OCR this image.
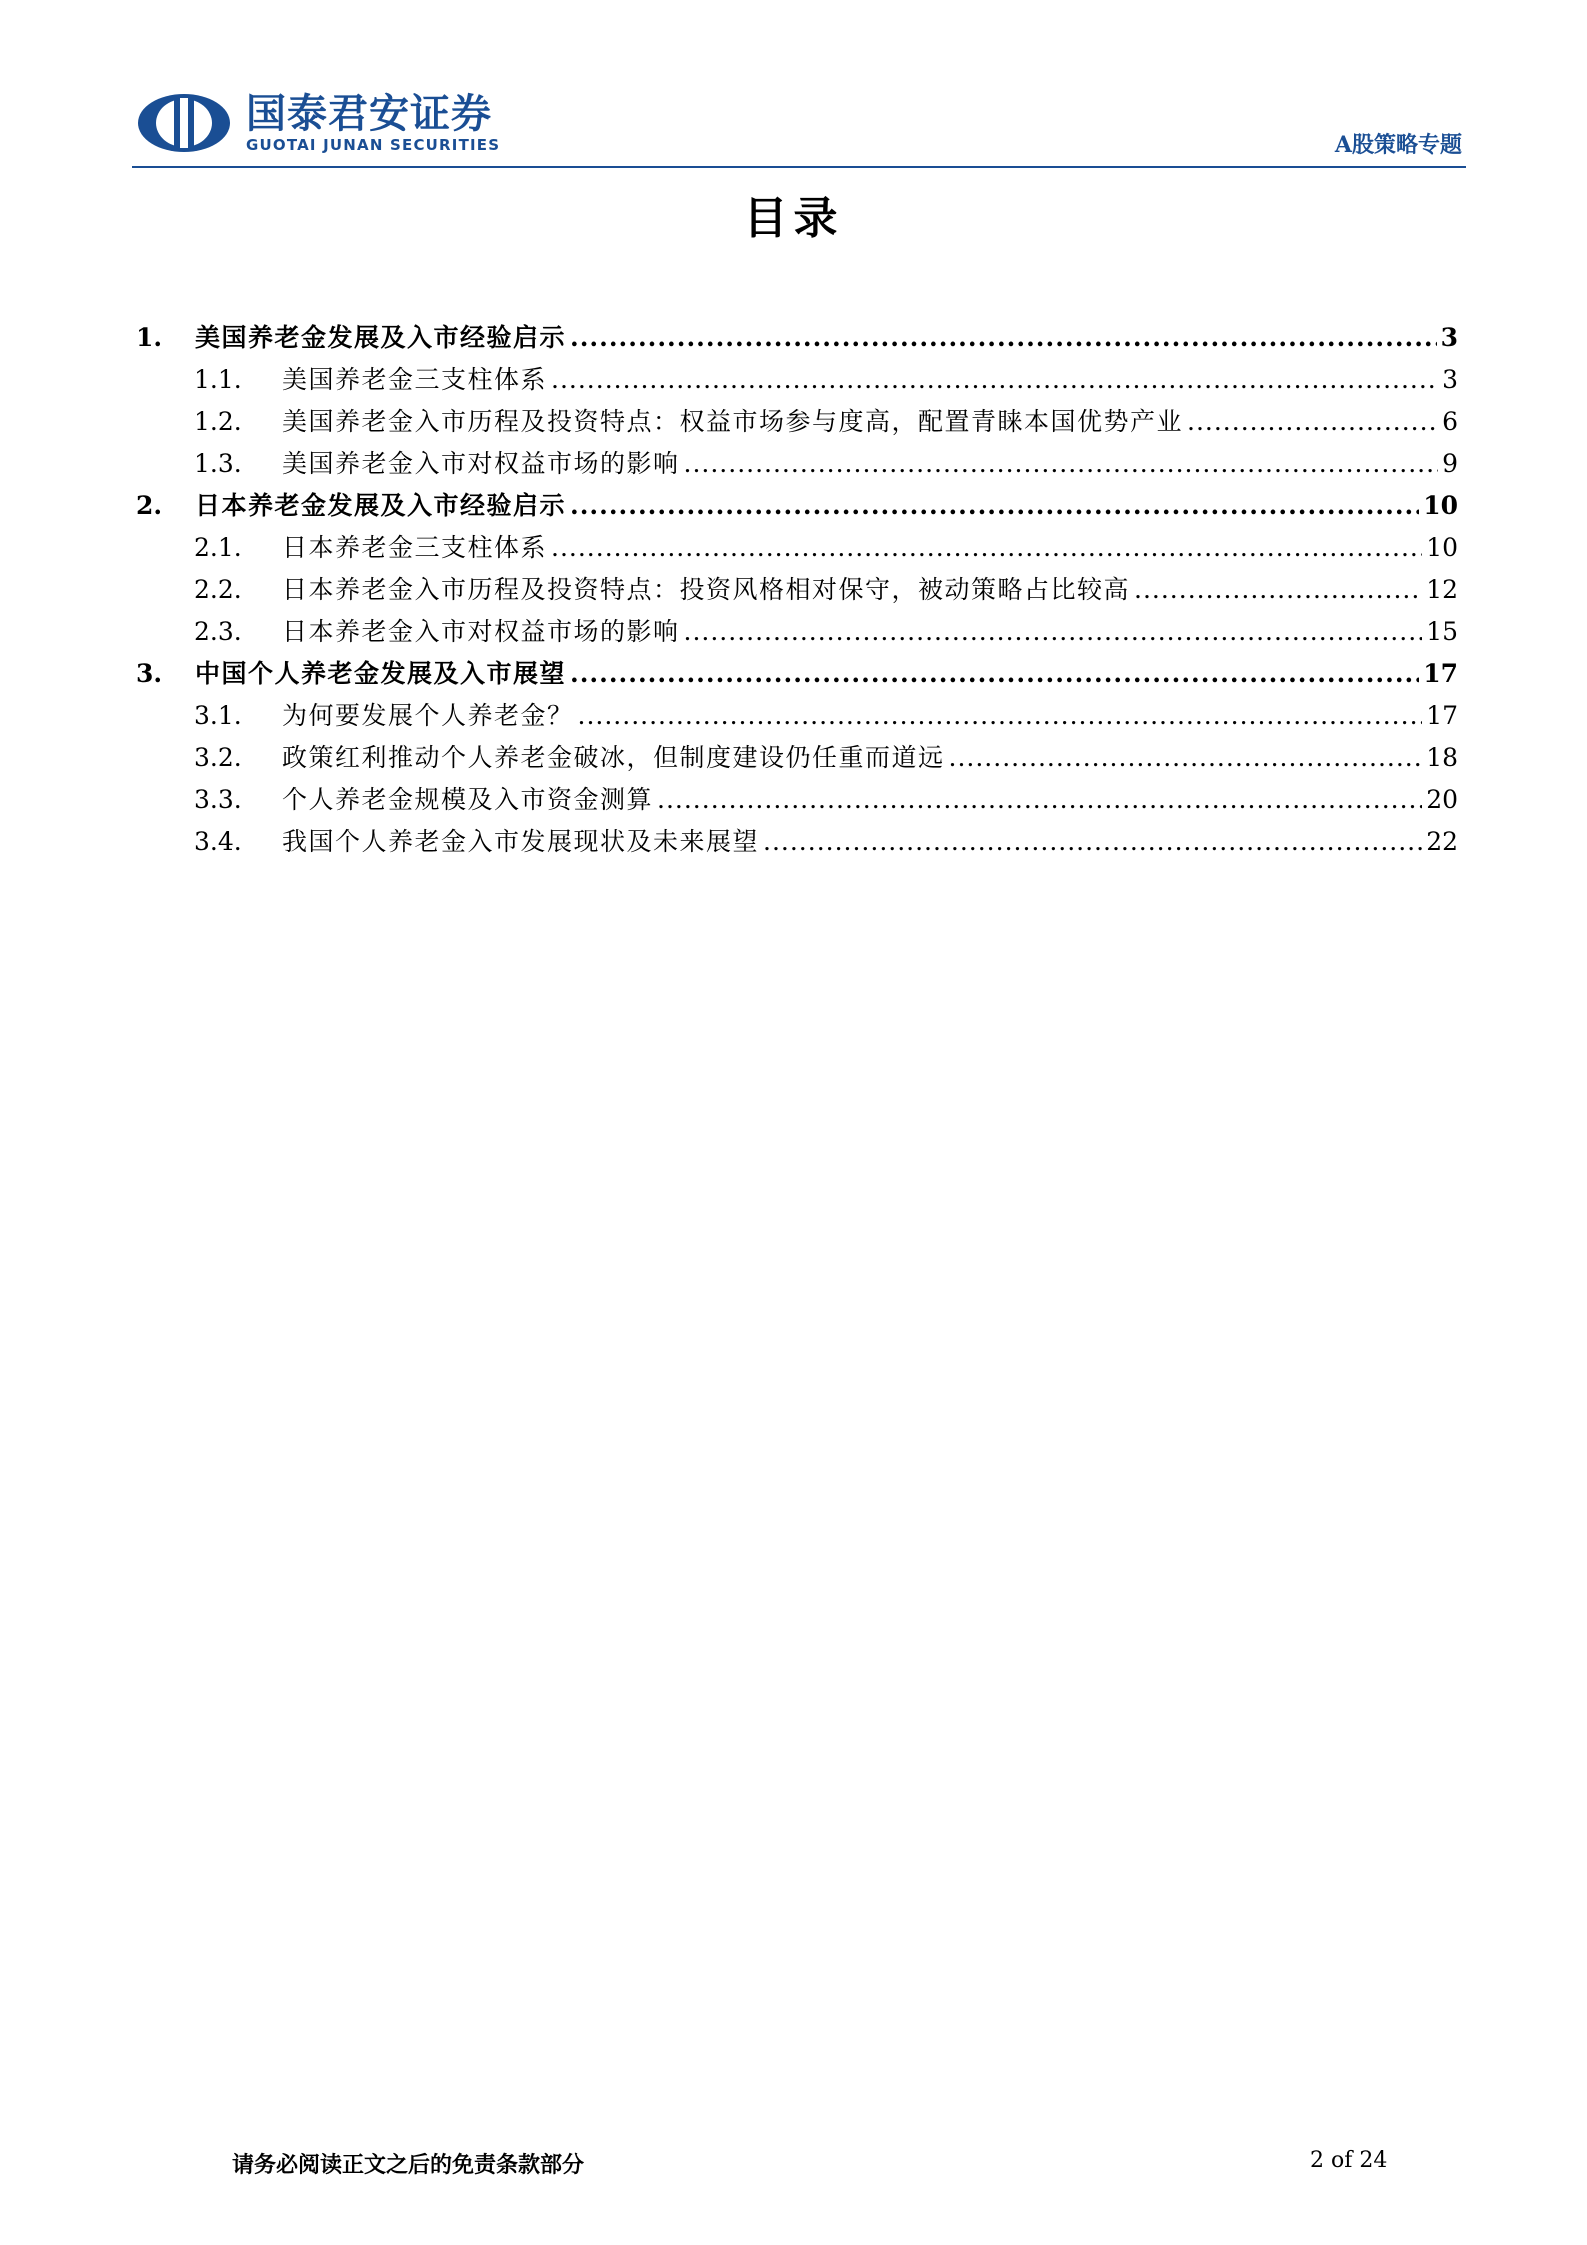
国泰君安证券
GUOTAI JUNAN SECURITIES	A股策略专题
目录
1.	美国养老金发展及入市经验启示 .....	3
1.1.	美国养老金三支柱体系 .....	3
1.2.	美国养老金入市历程及投资特点：权益市场参与度高，配置青睐本国优势产业 .....	6
1.3.	美国养老金入市对权益市场的影响 .....	9
2.	日本养老金发展及入市经验启示 .....	10
2.1.	日本养老金三支柱体系 .....	10
2.2.	日本养老金入市历程及投资特点：投资风格相对保守，被动策略占比较高 .....	12
2.3.	日本养老金入市对权益市场的影响 .....	15
3.	中国个人养老金发展及入市展望 .....	17
3.1.	为何要发展个人养老金？ .....	17
3.2.	政策红利推动个人养老金破冰，但制度建设仍任重而道远 .....	18
3.3.	个人养老金规模及入市资金测算 .....	20
3.4.	我国个人养老金入市发展现状及未来展望 .....	22
请务必阅读正文之后的免责条款部分	2 of 24
